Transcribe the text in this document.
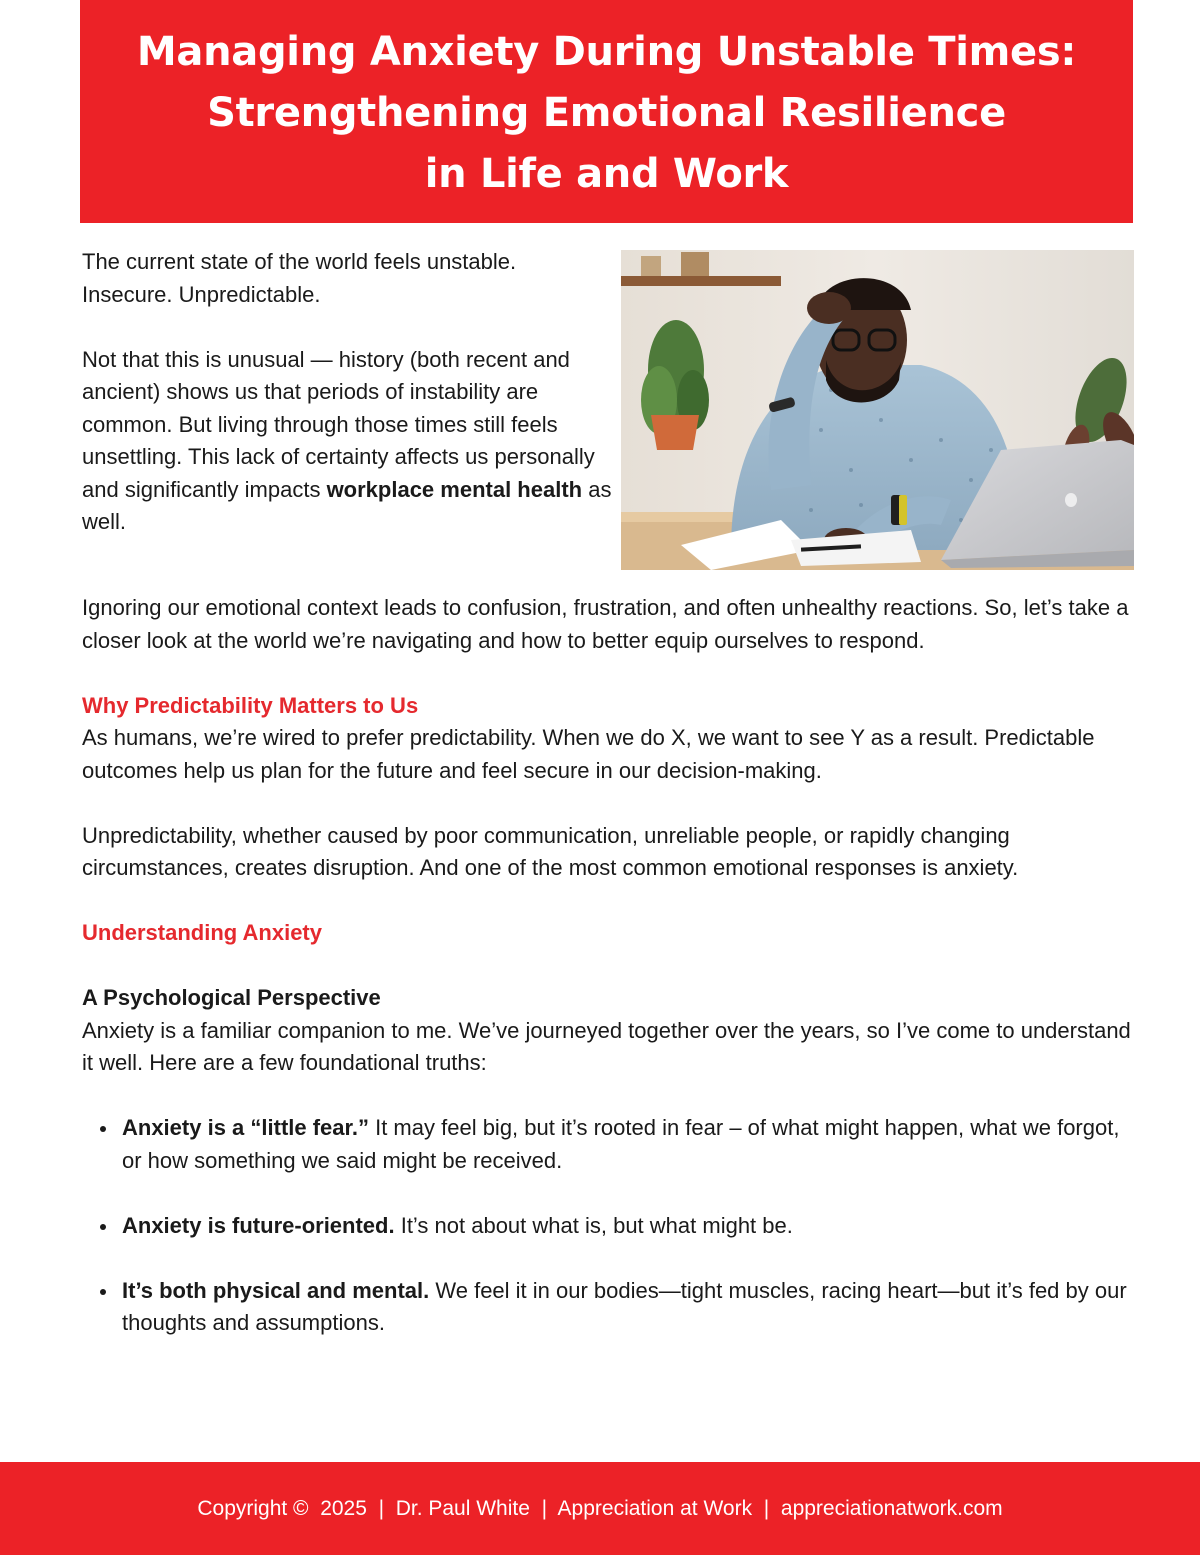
Managing Anxiety During Unstable Times:
Strengthening Emotional Resilience
in Life and Work

The current state of the world feels unstable.
Insecure. Unpredictable.

Not that this is unusual — history (both recent and ancient) shows us that periods of instability are common. But living through those times still feels unsettling. This lack of certainty affects us personally and significantly impacts workplace mental health as well.

Ignoring our emotional context leads to confusion, frustration, and often unhealthy reactions. So, let’s take a closer look at the world we’re navigating and how to better equip ourselves to respond.

Why Predictability Matters to Us

As humans, we’re wired to prefer predictability. When we do X, we want to see Y as a result. Predictable outcomes help us plan for the future and feel secure in our decision-making.

Unpredictability, whether caused by poor communication, unreliable people, or rapidly changing circumstances, creates disruption. And one of the most common emotional responses is anxiety.

Understanding Anxiety
A Psychological Perspective

Anxiety is a familiar companion to me. We’ve journeyed together over the years, so I’ve come to understand it well. Here are a few foundational truths:

Anxiety is a “little fear.” It may feel big, but it’s rooted in fear – of what might happen, what we forgot, or how something we said might be received.
Anxiety is future-oriented. It’s not about what is, but what might be.
It’s both physical and mental. We feel it in our bodies—tight muscles, racing heart—but it’s fed by our thoughts and assumptions.
Copyright ©  2025  |  Dr. Paul White  |  Appreciation at Work  |  appreciationatwork.com
